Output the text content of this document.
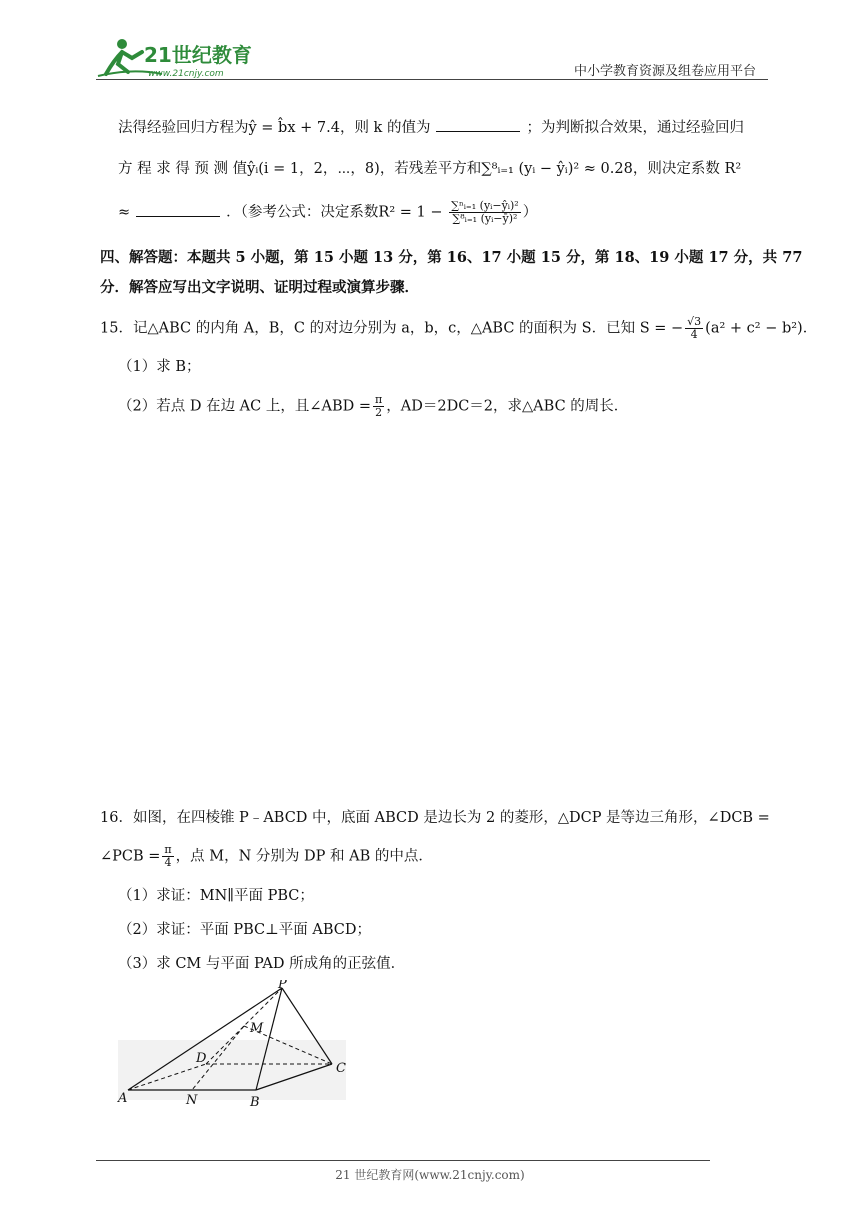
21世纪教育
www.21cnjy.com	中小学教育资源及组卷应用平台
法得经验回归方程为ŷ = b̂x + 7.4，则 k 的值为	；为判断拟合效果，通过经验回归
方 程 求 得 预 测 值ŷᵢ(i = 1，2，⋯，8)，若残差平方和∑⁸ᵢ₌₁ (yᵢ − ŷᵢ)² ≈ 0.28，则决定系数 R²
≈	．（参考公式：决定系数$R^2 = 1 - \frac{\text{∑ⁿᵢ₌₁ (yᵢ−ŷᵢ)²}}{\text{∑⁸ᵢ₌₁ (yᵢ−ȳ)²}}$ ）
四、解答题：本题共 5 小题，第 15 小题 13 分，第 16、17 小题 15 分，第 18、19 小题 17 分，共 77
分．解答应写出文字说明、证明过程或演算步骤．
15．记△ABC 的内角 A，B，C 的对边分别为 a，b，c，△ABC 的面积为 S．已知 S = − $\frac{√3}{4} (a^2 + c^2 - b^2)$．
（1）求 B；
（2）若点 D 在边 AC 上，且∠ABD = $\frac{\pi}{2}$ ，AD＝2DC＝2，求△ABC 的周长．
16．如图，在四棱锥 P﹣ABCD 中，底面 ABCD 是边长为 2 的菱形，△DCP 是等边三角形，∠DCB =
∠PCB = $\frac{\pi}{4}$ ，点 M，N 分别为 DP 和 AB 的中点．
（1）求证：MN∥平面 PBC；
（2）求证：平面 PBC⊥平面 ABCD；
（3）求 CM 与平面 PAD 所成角的正弦值．
P
M
D
C
A	N	B
21 世纪教育网(www.21cnjy.com)
